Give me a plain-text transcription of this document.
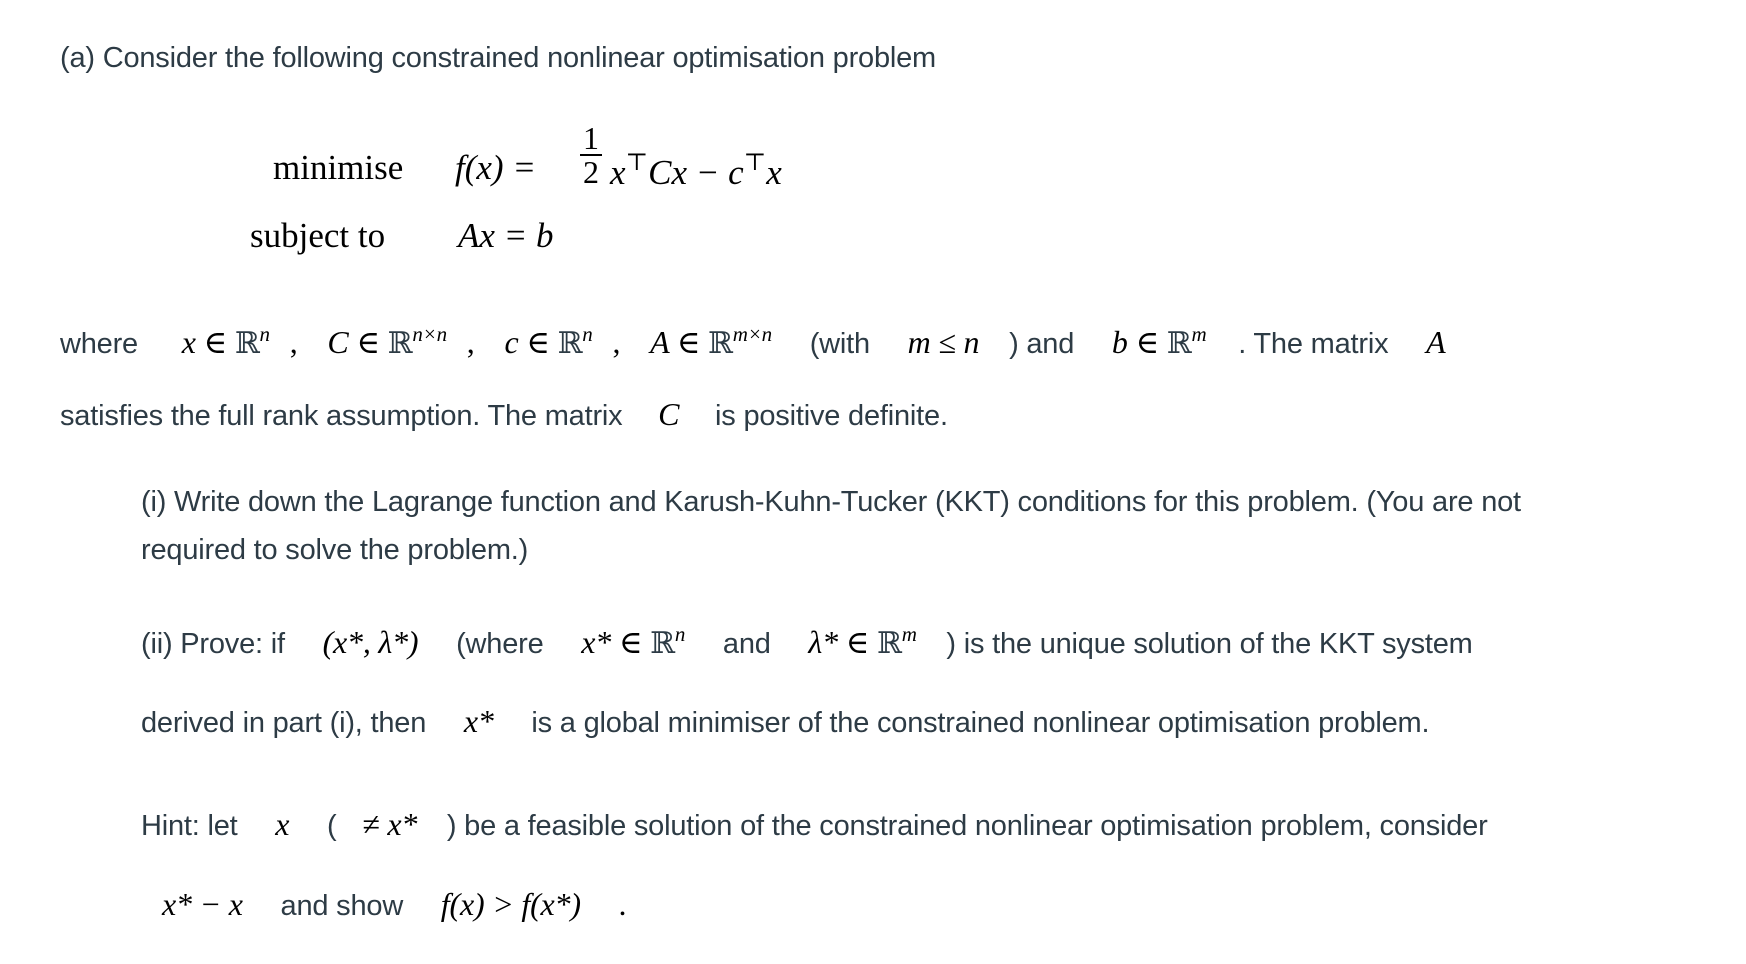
(a) Consider the following constrained nonlinear optimisation problem
minimise $f(x) = \frac{1}{2} x^⊤Cx - c^⊤x$
subject to Ax = b
where x ∈ ℝ$^n$ , C ∈ ℝ$^{n\times n}$ , c ∈ ℝ$^n$ , A ∈ ℝ$^{m\times n}$ (with m ≤ n ) and b ∈ ℝ$^m$ . The matrix A
satisfies the full rank assumption. The matrix C is positive definite.
(i) Write down the Lagrange function and Karush-Kuhn-Tucker (KKT) conditions for this problem. (You are not
required to solve the problem.)
(ii) Prove: if (x*, λ*) (where x* ∈ ℝ$^n$ and λ* ∈ ℝ$^m$ ) is the unique solution of the KKT system
derived in part (i), then x* is a global minimiser of the constrained nonlinear optimisation problem.
Hint: let x ( ≠ x* ) be a feasible solution of the constrained nonlinear optimisation problem, consider
x* − x and show f(x) > f(x*) .
